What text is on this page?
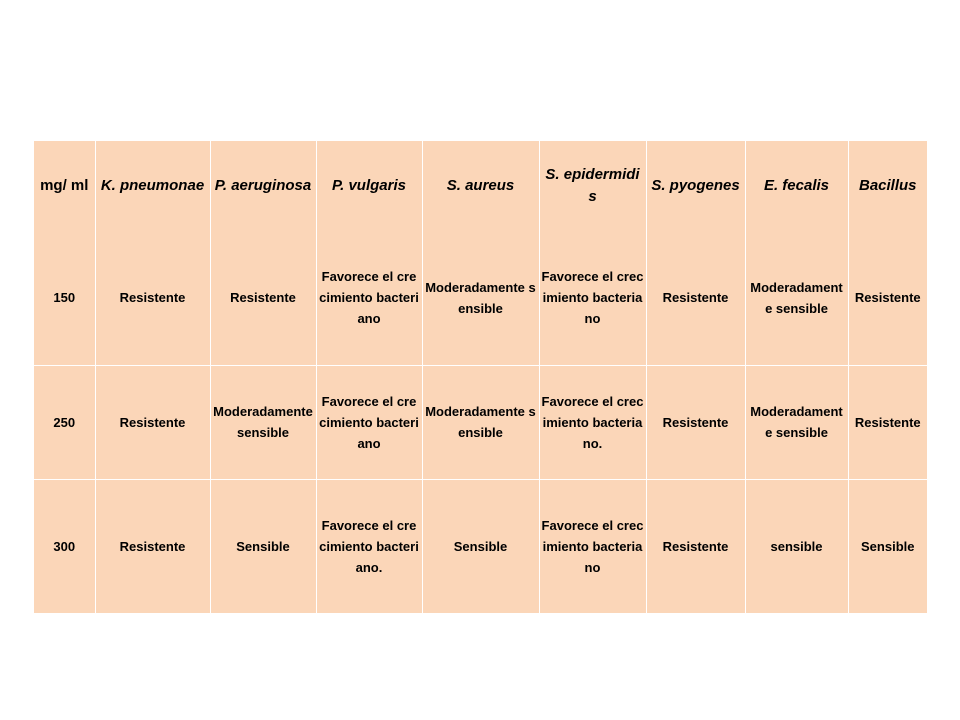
mg/ ml	K. pneumonae	P. aeruginosa	P. vulgaris	S. aureus	S. epidermidis	S. pyogenes	E. fecalis	Bacillus

150	Resistente	Resistente	Favorece el crecimiento bacteriano	Moderadamente sensible	Favorece el crecimiento bacteriano	Resistente	Moderadamente sensible	Resistente
250	Resistente	Moderadamente sensible	Favorece el crecimiento bacteriano	Moderadamente sensible	Favorece el crecimiento bacteriano.	Resistente	Moderadamente sensible	Resistente
300	Resistente	Sensible	Favorece el crecimiento bacteriano.	Sensible	Favorece el crecimiento bacteriano	Resistente	sensible	Sensible
